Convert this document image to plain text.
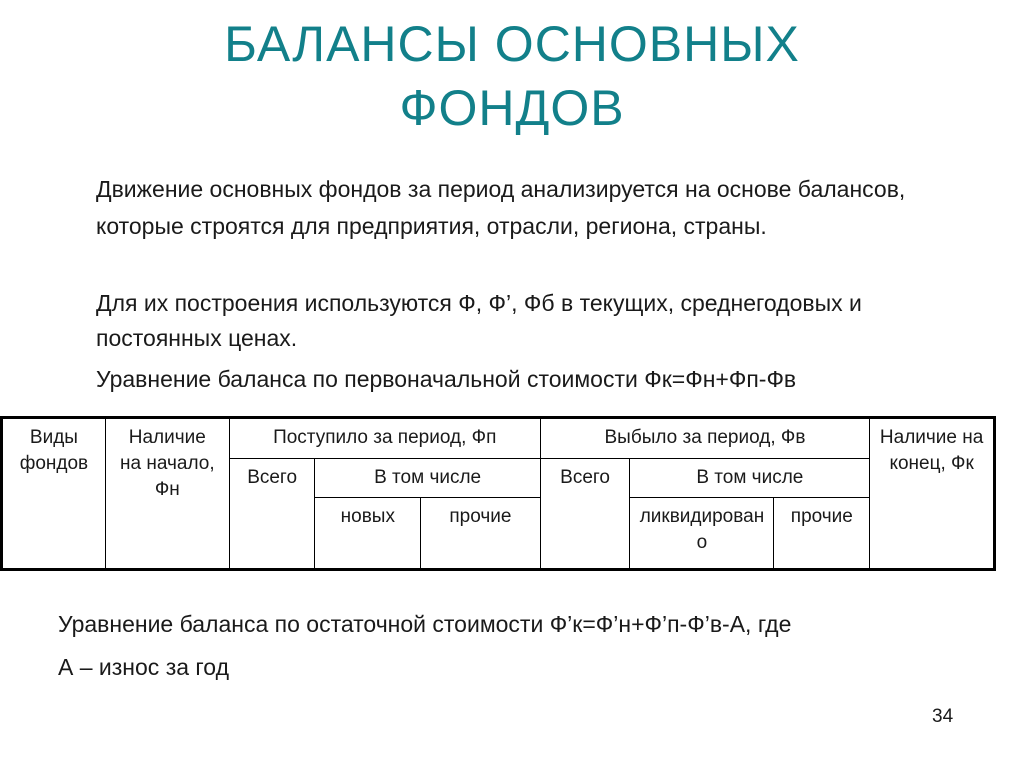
БАЛАНСЫ ОСНОВНЫХ
ФОНДОВ
Движение основных фондов за период анализируется на основе балансов, которые строятся для предприятия, отрасли, региона, страны.
Для их построения используются Ф, Ф’, Фб в текущих, среднегодовых и постоянных ценах.
Уравнение баланса по первоначальной стоимости Фк=Фн+Фп-Фв
Виды фондов	Наличие на начало, Фн	Поступило за период, Фп			Выбыло за период, Фв			Наличие на конец, Фк
		Всего	В том числе		Всего	В том числе		
			новых	прочие		ликвидировано	прочие	
Уравнение баланса по остаточной стоимости Ф’к=Ф’н+Ф’п-Ф’в-А, где
А – износ за год
34
